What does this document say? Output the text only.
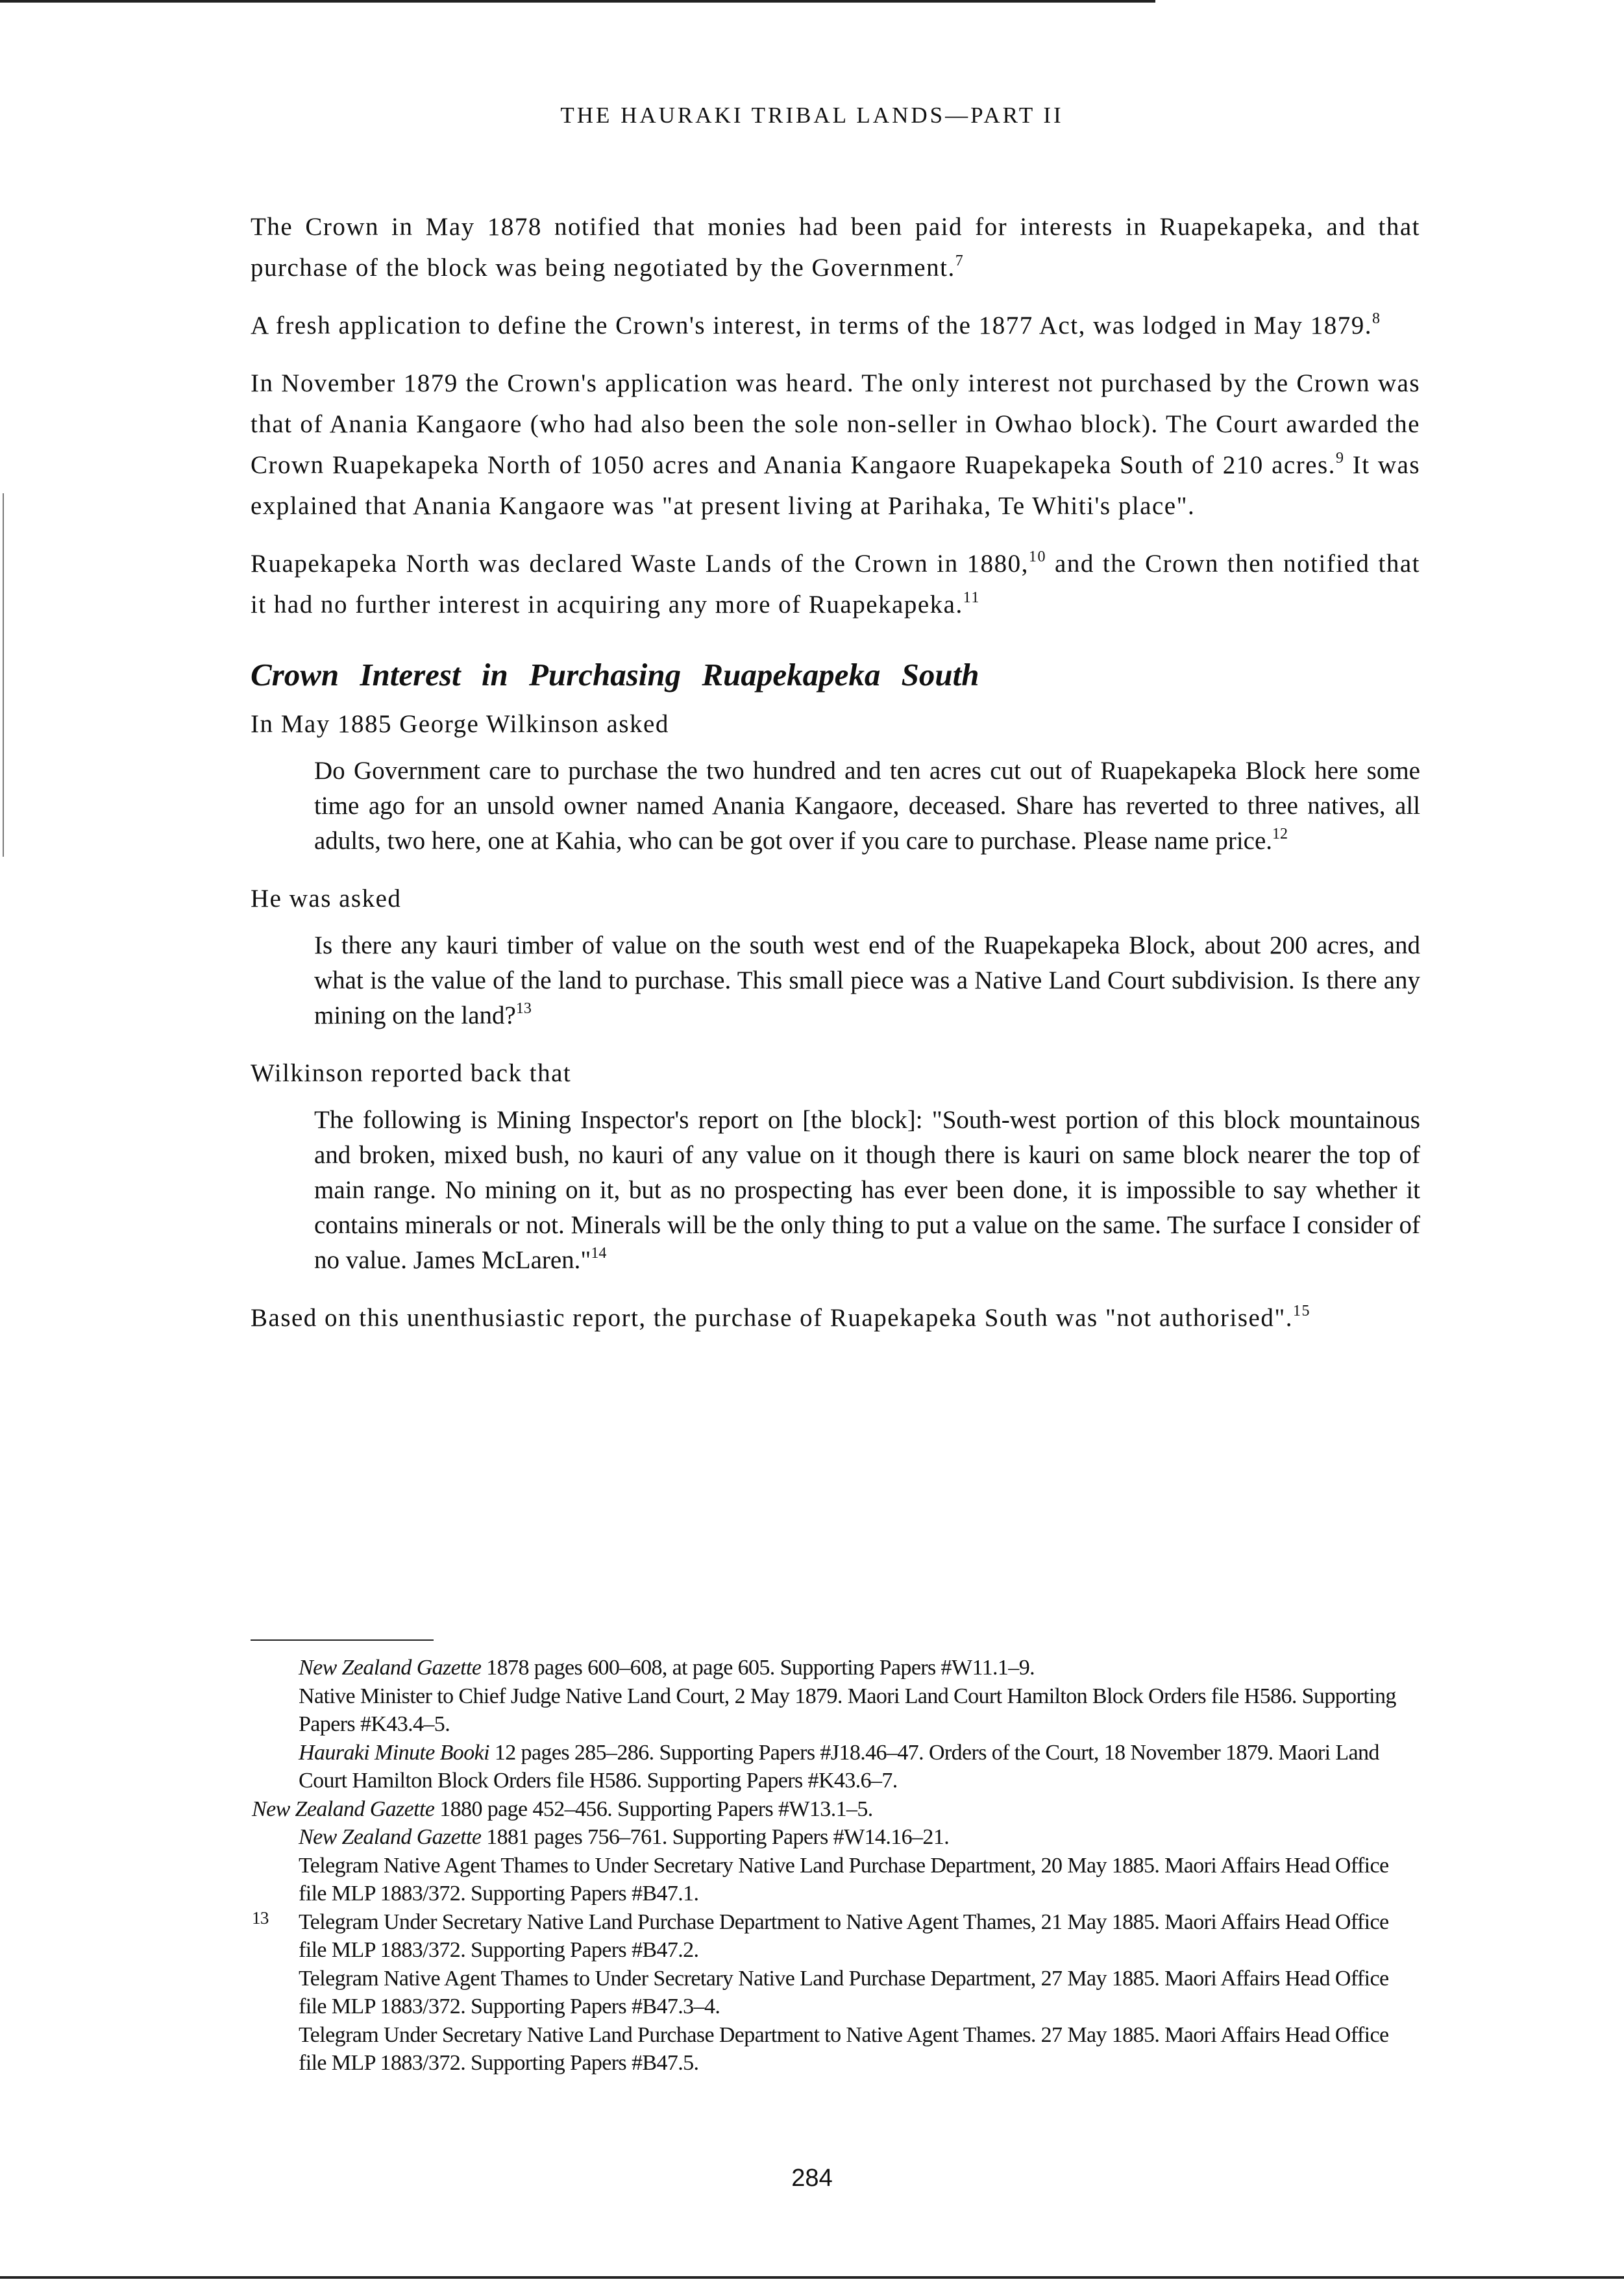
THE HAURAKI TRIBAL LANDS—PART II

The Crown in May 1878 notified that monies had been paid for interests in Ruapekapeka, and that purchase of the block was being negotiated by the Government.$^7$

A fresh application to define the Crown's interest, in terms of the 1877 Act, was lodged in May 1879.$^8$

In November 1879 the Crown's application was heard. The only interest not purchased by the Crown was that of Anania Kangaore (who had also been the sole non-seller in Owhao block). The Court awarded the Crown Ruapekapeka North of 1050 acres and Anania Kangaore Ruapekapeka South of 210 acres.$^9$ It was explained that Anania Kangaore was "at present living at Parihaka, Te Whiti's place".

Ruapekapeka North was declared Waste Lands of the Crown in 1880,10 and the Crown then notified that it had no further interest in acquiring any more of Ruapekapeka.$^{11}$

Crown Interest in Purchasing Ruapekapeka South

In May 1885 George Wilkinson asked

Do Government care to purchase the two hundred and ten acres cut out of Ruapekapeka Block here some time ago for an unsold owner named Anania Kangaore, deceased. Share has reverted to three natives, all adults, two here, one at Kahia, who can be got over if you care to purchase. Please name price.$^{12}$

He was asked

Is there any kauri timber of value on the south west end of the Ruapekapeka Block, about 200 acres, and what is the value of the land to purchase. This small piece was a Native Land Court subdivision. Is there any mining on the land?$^{13}$

Wilkinson reported back that

The following is Mining Inspector's report on [the block]: "South-west portion of this block mountainous and broken, mixed bush, no kauri of any value on it though there is kauri on same block nearer the top of main range. No mining on it, but as no prospecting has ever been done, it is impossible to say whether it contains minerals or not. Minerals will be the only thing to put a value on the same. The surface I consider of no value. James McLaren."$^{14}$

Based on this unenthusiastic report, the purchase of Ruapekapeka South was "not authorised".$^{15}$

New Zealand Gazette 1878 pages 600–608, at page 605. Supporting Papers #W11.1–9.
Native Minister to Chief Judge Native Land Court, 2 May 1879. Maori Land Court Hamilton Block Orders file H586. Supporting Papers #K43.4–5.
Hauraki Minute Booki 12 pages 285–286. Supporting Papers #J18.46–47. Orders of the Court, 18 November 1879. Maori Land Court Hamilton Block Orders file H586. Supporting Papers #K43.6–7.
New Zealand Gazette 1880 page 452–456. Supporting Papers #W13.1–5.
New Zealand Gazette 1881 pages 756–761. Supporting Papers #W14.16–21.
Telegram Native Agent Thames to Under Secretary Native Land Purchase Department, 20 May 1885. Maori Affairs Head Office file MLP 1883/372. Supporting Papers #B47.1.
13	Telegram Under Secretary Native Land Purchase Department to Native Agent Thames, 21 May 1885. Maori Affairs Head Office file MLP 1883/372. Supporting Papers #B47.2.
Telegram Native Agent Thames to Under Secretary Native Land Purchase Department, 27 May 1885. Maori Affairs Head Office file MLP 1883/372. Supporting Papers #B47.3–4.
Telegram Under Secretary Native Land Purchase Department to Native Agent Thames. 27 May 1885. Maori Affairs Head Office file MLP 1883/372. Supporting Papers #B47.5.
284
